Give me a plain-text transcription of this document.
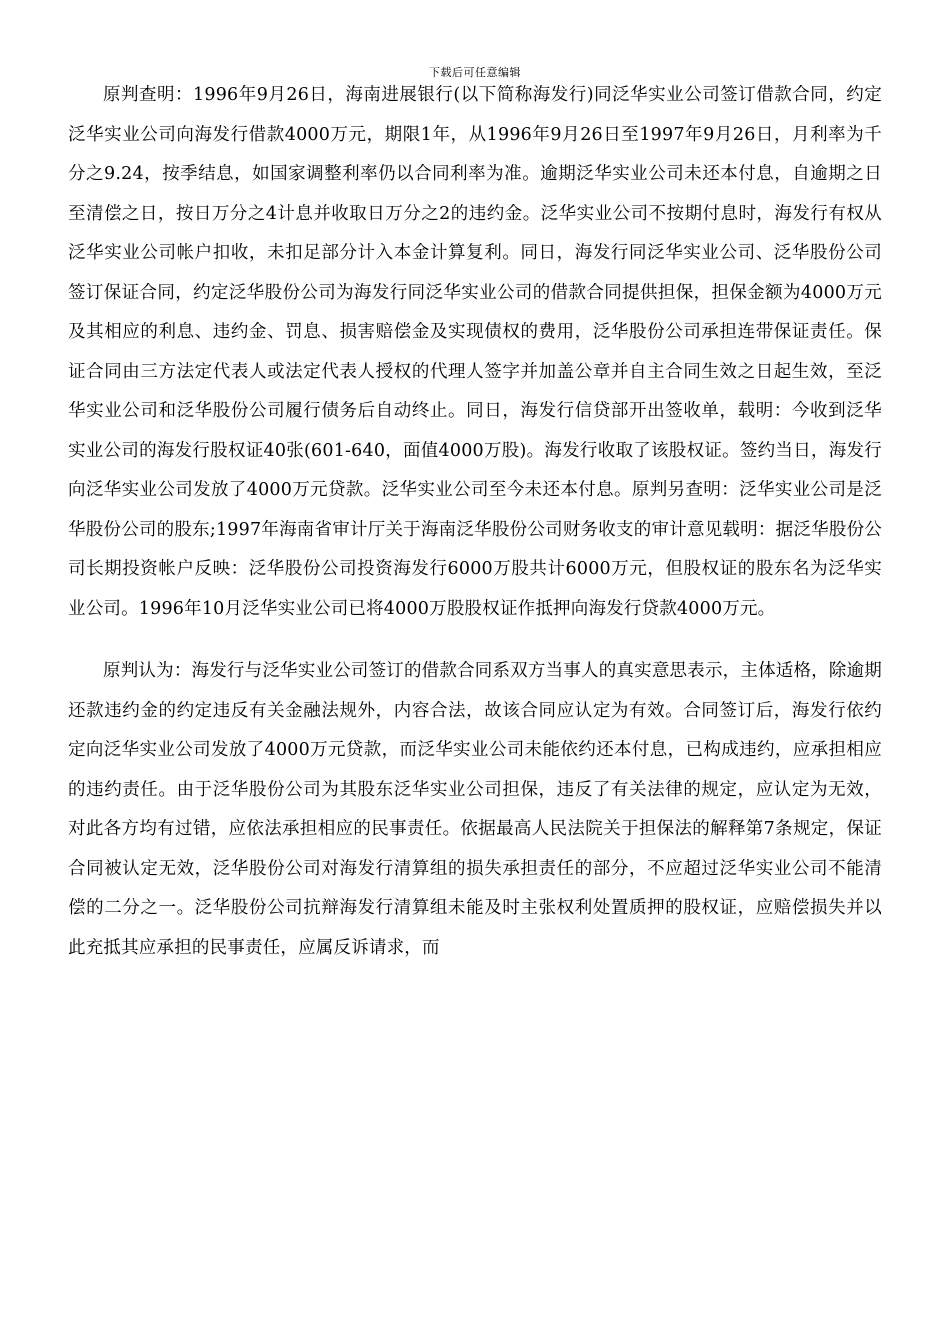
下载后可任意编辑

原判查明：1996年9月26日，海南进展银行(以下简称海发行)同泛华实业公司签订借款合同，约定泛华实业公司向海发行借款4000万元，期限1年，从1996年9月26日至1997年9月26日，月利率为千分之9.24，按季结息，如国家调整利率仍以合同利率为准。逾期泛华实业公司未还本付息，自逾期之日至清偿之日，按日万分之4计息并收取日万分之2的违约金。泛华实业公司不按期付息时，海发行有权从泛华实业公司帐户扣收，未扣足部分计入本金计算复利。同日，海发行同泛华实业公司、泛华股份公司签订保证合同，约定泛华股份公司为海发行同泛华实业公司的借款合同提供担保，担保金额为4000万元及其相应的利息、违约金、罚息、损害赔偿金及实现债权的费用，泛华股份公司承担连带保证责任。保证合同由三方法定代表人或法定代表人授权的代理人签字并加盖公章并自主合同生效之日起生效，至泛华实业公司和泛华股份公司履行债务后自动终止。同日，海发行信贷部开出签收单，载明：今收到泛华实业公司的海发行股权证40张(601-640，面值4000万股)。海发行收取了该股权证。签约当日，海发行向泛华实业公司发放了4000万元贷款。泛华实业公司至今未还本付息。原判另查明：泛华实业公司是泛华股份公司的股东;1997年海南省审计厅关于海南泛华股份公司财务收支的审计意见载明：据泛华股份公司长期投资帐户反映：泛华股份公司投资海发行6000万股共计6000万元，但股权证的股东名为泛华实业公司。1996年10月泛华实业公司已将4000万股股权证作抵押向海发行贷款4000万元。

原判认为：海发行与泛华实业公司签订的借款合同系双方当事人的真实意思表示，主体适格，除逾期还款违约金的约定违反有关金融法规外，内容合法，故该合同应认定为有效。合同签订后，海发行依约定向泛华实业公司发放了4000万元贷款，而泛华实业公司未能依约还本付息，已构成违约，应承担相应的违约责任。由于泛华股份公司为其股东泛华实业公司担保，违反了有关法律的规定，应认定为无效，对此各方均有过错，应依法承担相应的民事责任。依据最高人民法院关于担保法的解释第7条规定，保证合同被认定无效，泛华股份公司对海发行清算组的损失承担责任的部分，不应超过泛华实业公司不能清偿的二分之一。泛华股份公司抗辩海发行清算组未能及时主张权利处置质押的股权证，应赔偿损失并以此充抵其应承担的民事责任，应属反诉请求，而
